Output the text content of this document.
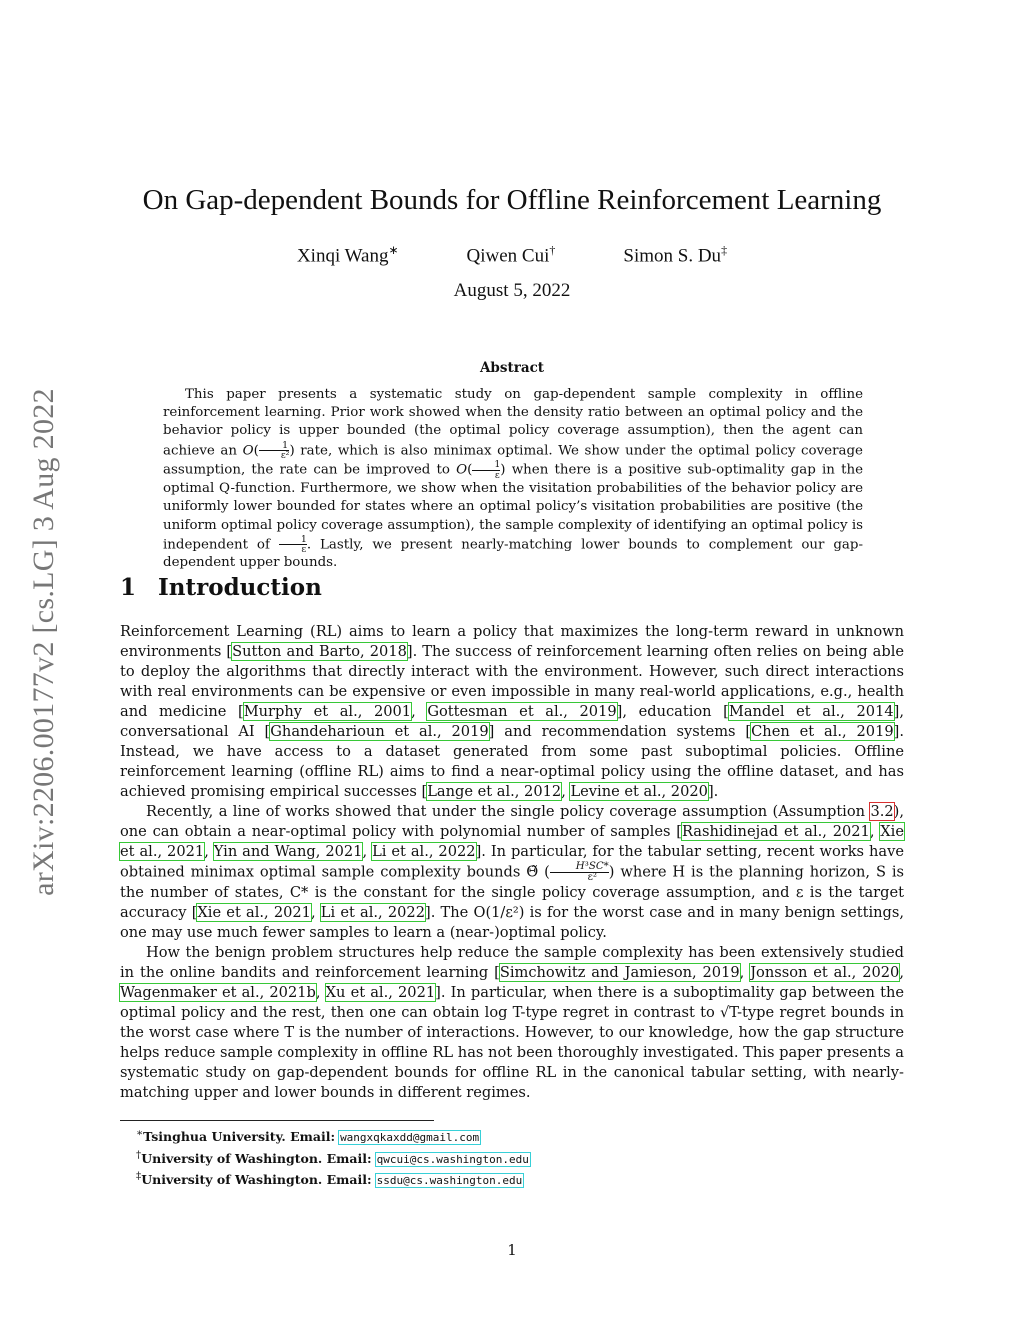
arXiv:2206.00177v2 [cs.LG] 3 Aug 2022
On Gap-dependent Bounds for Offline Reinforcement Learning
Xinqi Wang∗	Qiwen Cui†	Simon S. Du‡
August 5, 2022
Abstract

This paper presents a systematic study on gap-dependent sample complexity in offline reinforcement learning. Prior work showed when the density ratio between an optimal policy and the behavior policy is upper bounded (the optimal policy coverage assumption), then the agent can achieve an $O( \frac{1}{\text{ε²}}$ ) rate, which is also minimax optimal. We show under the optimal policy coverage assumption, the rate can be improved to $O( \frac{1}{\varepsilon}$ ) when there is a positive sub-optimality gap in the optimal Q-function. Furthermore, we show when the visitation probabilities of the behavior policy are uniformly lower bounded for states where an optimal policy’s visitation probabilities are positive (the uniform optimal policy coverage assumption), the sample complexity of identifying an optimal policy is independent of $\frac{1}{\varepsilon}$ . Lastly, we present nearly-matching lower bounds to complement our gap-dependent upper bounds.

1 Introduction

Reinforcement Learning (RL) aims to learn a policy that maximizes the long-term reward in unknown environments [Sutton and Barto, 2018]. The success of reinforcement learning often relies on being able to deploy the algorithms that directly interact with the environment. However, such direct interactions with real environments can be expensive or even impossible in many real-world applications, e.g., health and medicine [Murphy et al., 2001, Gottesman et al., 2019], education [Mandel et al., 2014], conversational AI [Ghandeharioun et al., 2019] and recommendation systems [Chen et al., 2019]. Instead, we have access to a dataset generated from some past suboptimal policies. Offline reinforcement learning (offline RL) aims to find a near-optimal policy using the offline dataset, and has achieved promising empirical successes [Lange et al., 2012, Levine et al., 2020].

Recently, a line of works showed that under the single policy coverage assumption (Assumption 3.2), one can obtain a near-optimal policy with polynomial number of samples [Rashidinejad et al., 2021, Xie et al., 2021, Yin and Wang, 2021, Li et al., 2022]. In particular, for the tabular setting, recent works have obtained minimax optimal sample complexity bounds Θ̃ ( $\frac{\text{H³SC*}}{\text{ε²}}$ ) where H is the planning horizon, S is the number of states, C* is the constant for the single policy coverage assumption, and ε is the target accuracy [Xie et al., 2021, Li et al., 2022]. The O(1/ε²) is for the worst case and in many benign settings, one may use much fewer samples to learn a (near-)optimal policy.

How the benign problem structures help reduce the sample complexity has been extensively studied in the online bandits and reinforcement learning [Simchowitz and Jamieson, 2019, Jonsson et al., 2020, Wagenmaker et al., 2021b, Xu et al., 2021]. In particular, when there is a suboptimality gap between the optimal policy and the rest, then one can obtain log T-type regret in contrast to √T-type regret bounds in the worst case where T is the number of interactions. However, to our knowledge, how the gap structure helps reduce sample complexity in offline RL has not been thoroughly investigated. This paper presents a systematic study on gap-dependent bounds for offline RL in the canonical tabular setting, with nearly-matching upper and lower bounds in different regimes.

∗Tsinghua University. Email: wangxqkaxdd@gmail.com
†University of Washington. Email: qwcui@cs.washington.edu
‡University of Washington. Email: ssdu@cs.washington.edu
1
